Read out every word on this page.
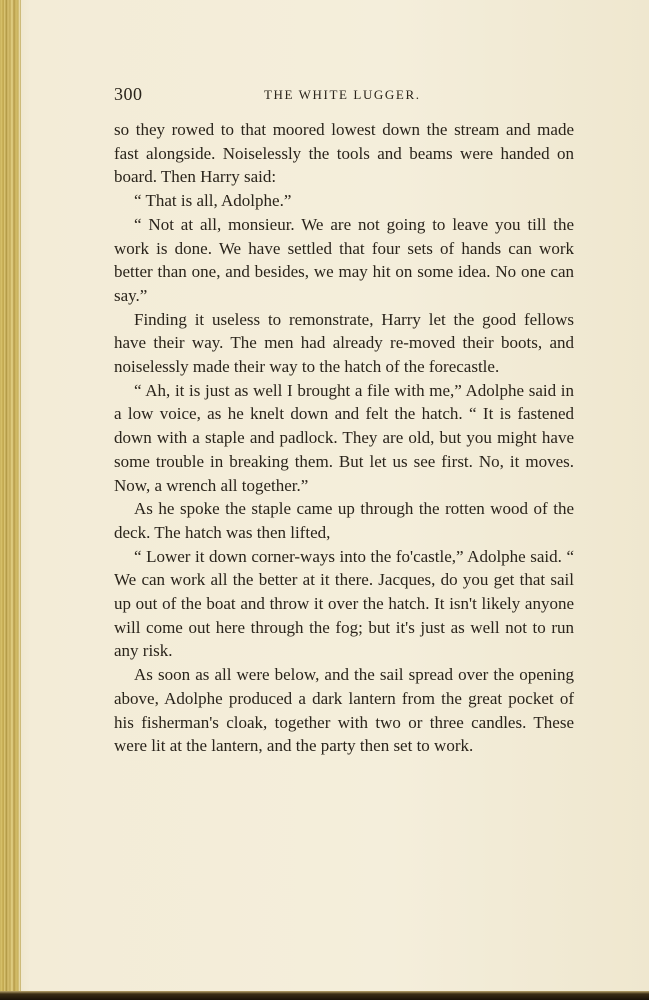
300	THE WHITE LUGGER.

so they rowed to that moored lowest down the stream and made fast alongside. Noiselessly the tools and beams were handed on board. Then Harry said:

“ That is all, Adolphe.”

“ Not at all, monsieur. We are not going to leave you till the work is done. We have settled that four sets of hands can work better than one, and besides, we may hit on some idea. No one can say.”

Finding it useless to remonstrate, Harry let the good fellows have their way. The men had already re-moved their boots, and noiselessly made their way to the hatch of the forecastle.

“ Ah, it is just as well I brought a file with me,” Adolphe said in a low voice, as he knelt down and felt the hatch. “ It is fastened down with a staple and padlock. They are old, but you might have some trouble in breaking them. But let us see first. No, it moves. Now, a wrench all together.”

As he spoke the staple came up through the rotten wood of the deck. The hatch was then lifted,

“ Lower it down corner-ways into the fo'castle,” Adolphe said. “ We can work all the better at it there. Jacques, do you get that sail up out of the boat and throw it over the hatch. It isn't likely anyone will come out here through the fog; but it's just as well not to run any risk.

As soon as all were below, and the sail spread over the opening above, Adolphe produced a dark lantern from the great pocket of his fisherman's cloak, together with two or three candles. These were lit at the lantern, and the party then set to work.
